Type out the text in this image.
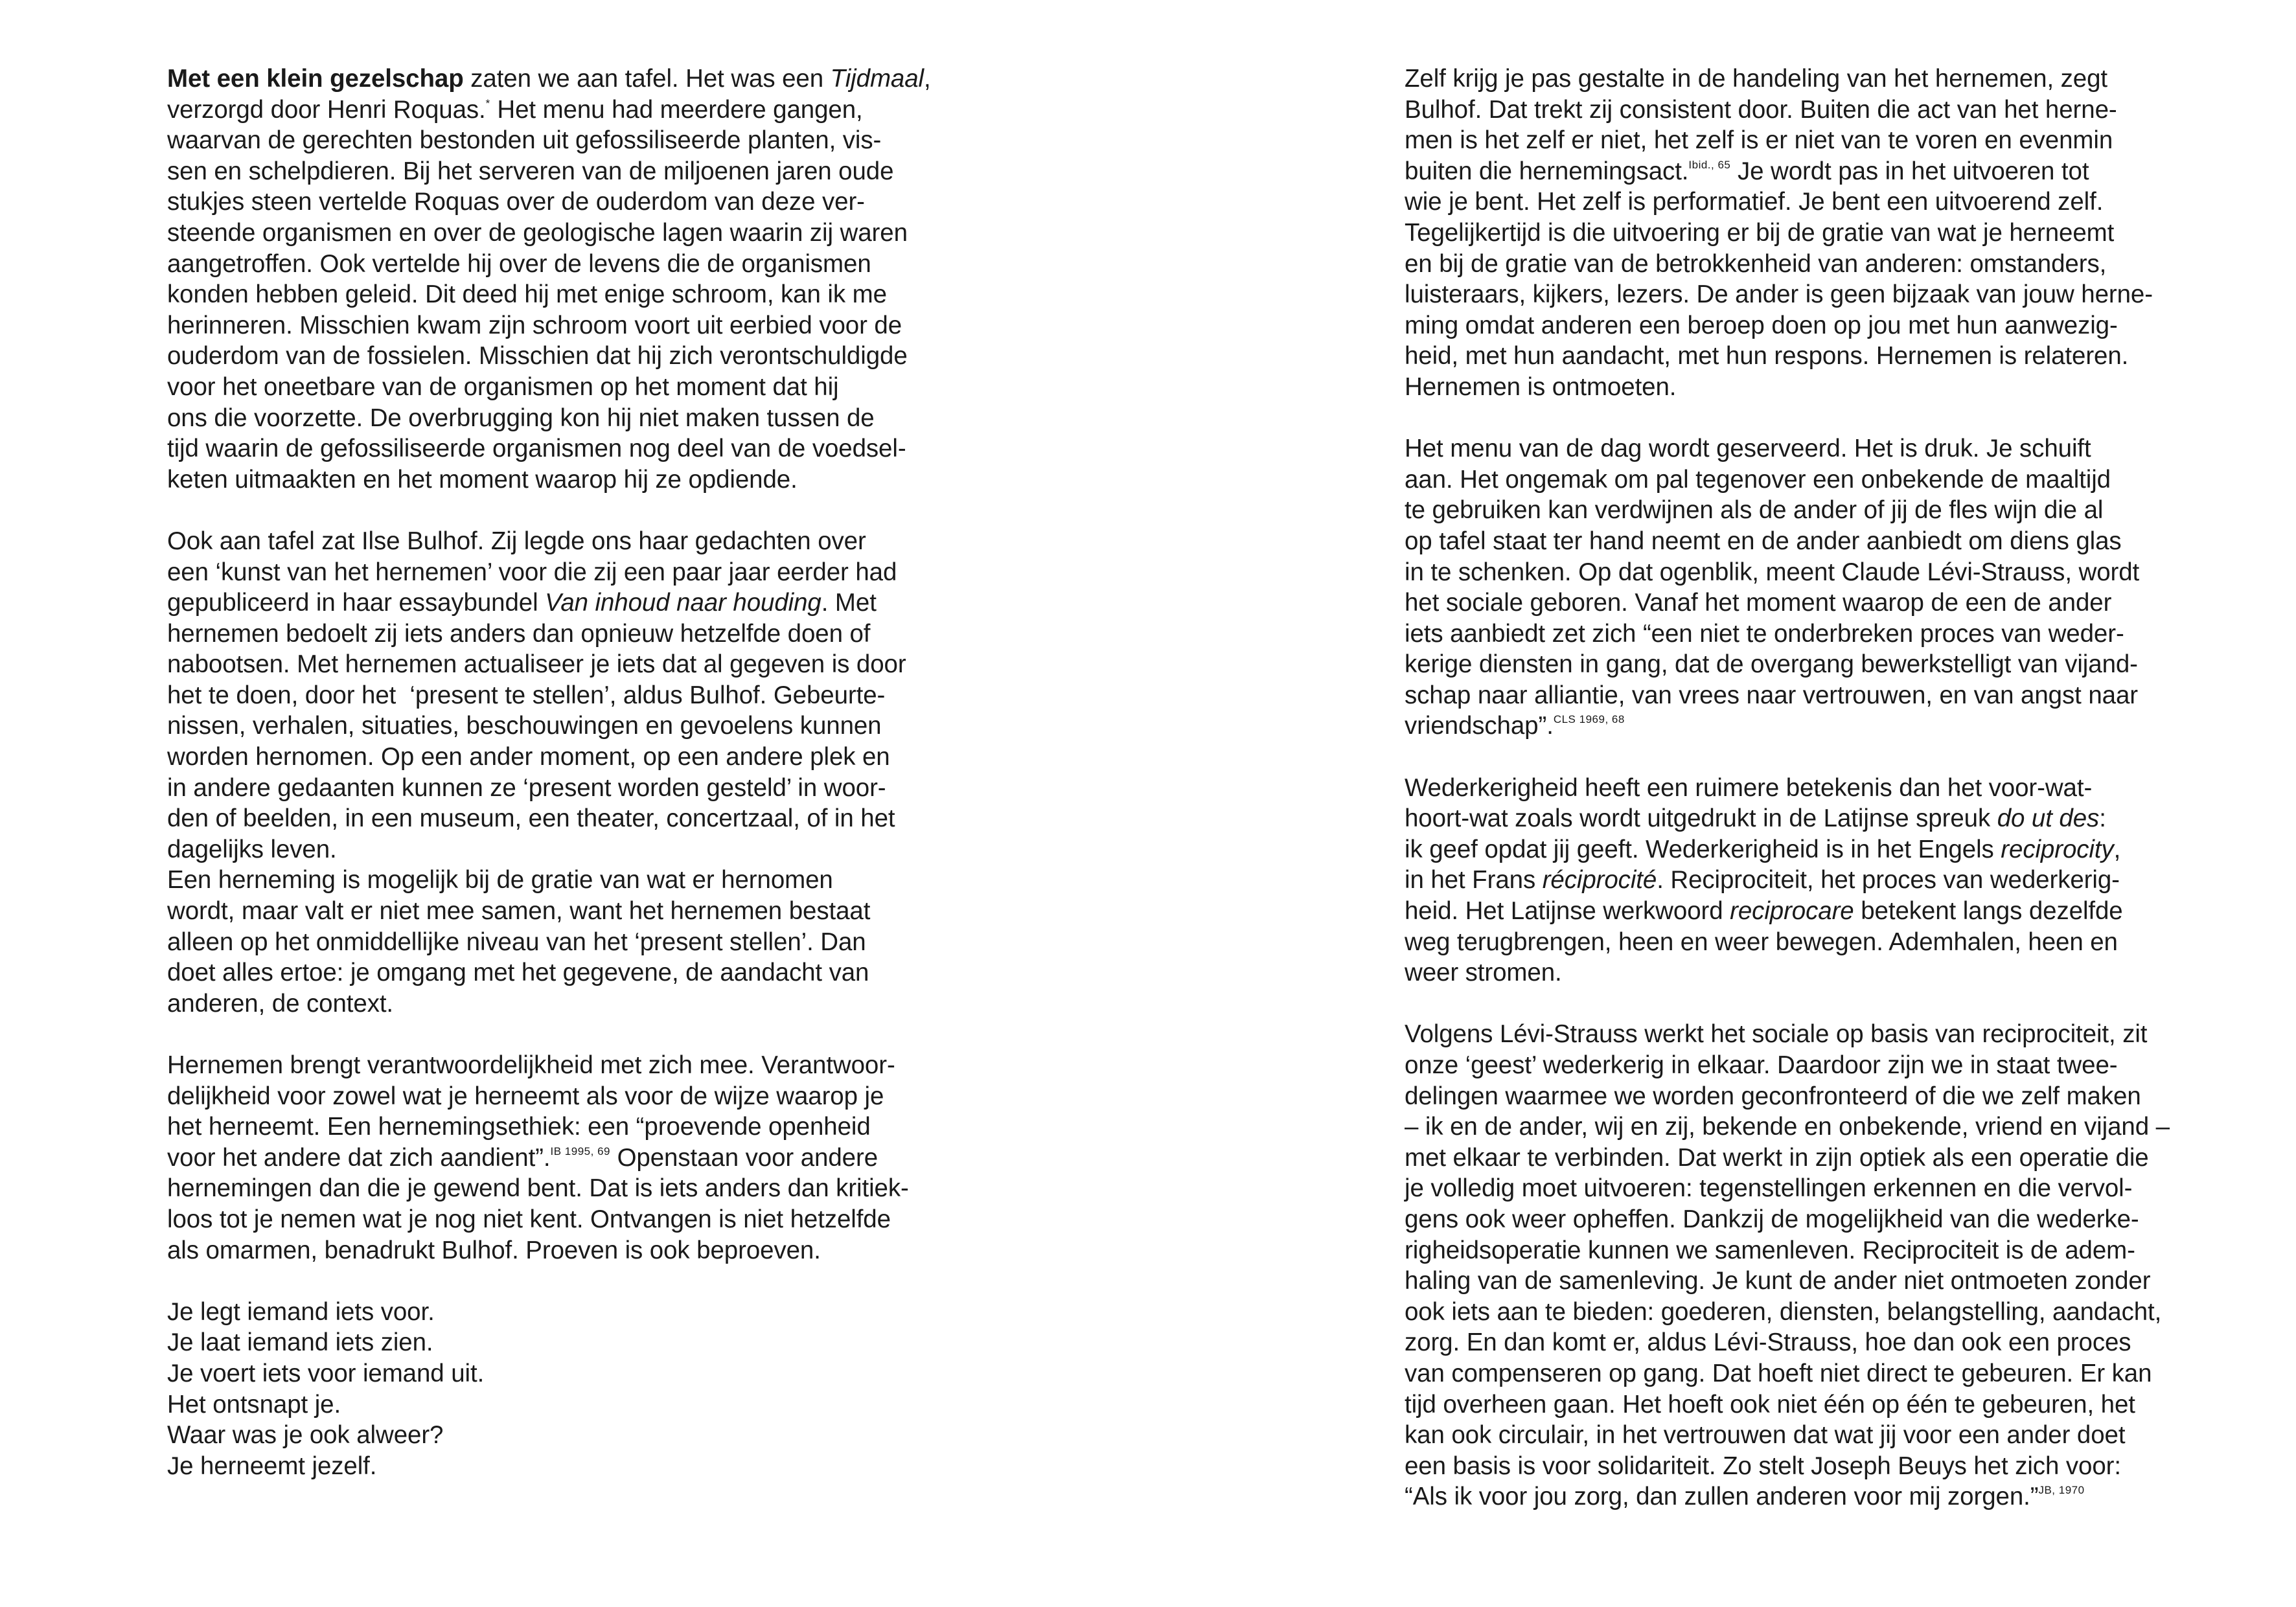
Met een klein gezelschap zaten we aan tafel. Het was een Tijdmaal,
verzorgd door Henri Roquas.* Het menu had meerdere gangen,
waarvan de gerechten bestonden uit gefossiliseerde planten, vis-
sen en schelpdieren. Bij het serveren van de miljoenen jaren oude
stukjes steen vertelde Roquas over de ouderdom van deze ver-
steende organismen en over de geologische lagen waarin zij waren
aangetroffen. Ook vertelde hij over de levens die de organismen
konden hebben geleid. Dit deed hij met enige schroom, kan ik me
herinneren. Misschien kwam zijn schroom voort uit eerbied voor de
ouderdom van de fossielen. Misschien dat hij zich verontschuldigde
voor het oneetbare van de organismen op het moment dat hij
ons die voorzette. De overbrugging kon hij niet maken tussen de
tijd waarin de gefossiliseerde organismen nog deel van de voedsel-
keten uitmaakten en het moment waarop hij ze opdiende.
Ook aan tafel zat Ilse Bulhof. Zij legde ons haar gedachten over
een ‘kunst van het hernemen’ voor die zij een paar jaar eerder had
gepubliceerd in haar essaybundel Van inhoud naar houding. Met
hernemen bedoelt zij iets anders dan opnieuw hetzelfde doen of
nabootsen. Met hernemen actualiseer je iets dat al gegeven is door
het te doen, door het  ‘present te stellen’, aldus Bulhof. Gebeurte-
nissen, verhalen, situaties, beschouwingen en gevoelens kunnen
worden hernomen. Op een ander moment, op een andere plek en
in andere gedaanten kunnen ze ‘present worden gesteld’ in woor-
den of beelden, in een museum, een theater, concertzaal, of in het
dagelijks leven.
Een herneming is mogelijk bij de gratie van wat er hernomen
wordt, maar valt er niet mee samen, want het hernemen bestaat
alleen op het onmiddellijke niveau van het ‘present stellen’. Dan
doet alles ertoe: je omgang met het gegevene, de aandacht van
anderen, de context.
Hernemen brengt verantwoordelijkheid met zich mee. Verantwoor-
delijkheid voor zowel wat je herneemt als voor de wijze waarop je
het herneemt. Een hernemingsethiek: een “proevende openheid
voor het andere dat zich aandient”.$^{IB 1995, 69}$ Openstaan voor andere
hernemingen dan die je gewend bent. Dat is iets anders dan kritiek-
loos tot je nemen wat je nog niet kent. Ontvangen is niet hetzelfde
als omarmen, benadrukt Bulhof. Proeven is ook beproeven.
Je legt iemand iets voor.
Je laat iemand iets zien.
Je voert iets voor iemand uit.
Het ontsnapt je.
Waar was je ook alweer?
Je herneemt jezelf.
Zelf krijg je pas gestalte in de handeling van het hernemen, zegt
Bulhof. Dat trekt zij consistent door. Buiten die act van het herne-
men is het zelf er niet, het zelf is er niet van te voren en evenmin
buiten die hernemingsact.$^{Ibid., 65}$ Je wordt pas in het uitvoeren tot
wie je bent. Het zelf is performatief. Je bent een uitvoerend zelf.
Tegelijkertijd is die uitvoering er bij de gratie van wat je herneemt
en bij de gratie van de betrokkenheid van anderen: omstanders,
luisteraars, kijkers, lezers. De ander is geen bijzaak van jouw herne-
ming omdat anderen een beroep doen op jou met hun aanwezig-
heid, met hun aandacht, met hun respons. Hernemen is relateren.
Hernemen is ontmoeten.
Het menu van de dag wordt geserveerd. Het is druk. Je schuift
aan. Het ongemak om pal tegenover een onbekende de maaltijd
te gebruiken kan verdwijnen als de ander of jij de fles wijn die al
op tafel staat ter hand neemt en de ander aanbiedt om diens glas
in te schenken. Op dat ogenblik, meent Claude Lévi-Strauss, wordt
het sociale geboren. Vanaf het moment waarop de een de ander
iets aanbiedt zet zich “een niet te onderbreken proces van weder-
kerige diensten in gang, dat de overgang bewerkstelligt van vijand-
schap naar alliantie, van vrees naar vertrouwen, en van angst naar
vriendschap”.$^{CLS 1969, 68}$
Wederkerigheid heeft een ruimere betekenis dan het voor-wat-
hoort-wat zoals wordt uitgedrukt in de Latijnse spreuk do ut des:
ik geef opdat jij geeft. Wederkerigheid is in het Engels reciprocity,
in het Frans réciprocité. Reciprociteit, het proces van wederkerig-
heid. Het Latijnse werkwoord reciprocare betekent langs dezelfde
weg terugbrengen, heen en weer bewegen. Ademhalen, heen en
weer stromen.
Volgens Lévi-Strauss werkt het sociale op basis van reciprociteit, zit
onze ‘geest’ wederkerig in elkaar. Daardoor zijn we in staat twee-
delingen waarmee we worden geconfronteerd of die we zelf maken
– ik en de ander, wij en zij, bekende en onbekende, vriend en vijand –
met elkaar te verbinden. Dat werkt in zijn optiek als een operatie die
je volledig moet uitvoeren: tegenstellingen erkennen en die vervol-
gens ook weer opheffen. Dankzij de mogelijkheid van die wederke-
righeidsoperatie kunnen we samenleven. Reciprociteit is de adem-
haling van de samenleving. Je kunt de ander niet ontmoeten zonder
ook iets aan te bieden: goederen, diensten, belangstelling, aandacht,
zorg. En dan komt er, aldus Lévi-Strauss, hoe dan ook een proces
van compenseren op gang. Dat hoeft niet direct te gebeuren. Er kan
tijd overheen gaan. Het hoeft ook niet één op één te gebeuren, het
kan ook circulair, in het vertrouwen dat wat jij voor een ander doet
een basis is voor solidariteit. Zo stelt Joseph Beuys het zich voor:
“Als ik voor jou zorg, dan zullen anderen voor mij zorgen.”$^{JB, 1970}$
